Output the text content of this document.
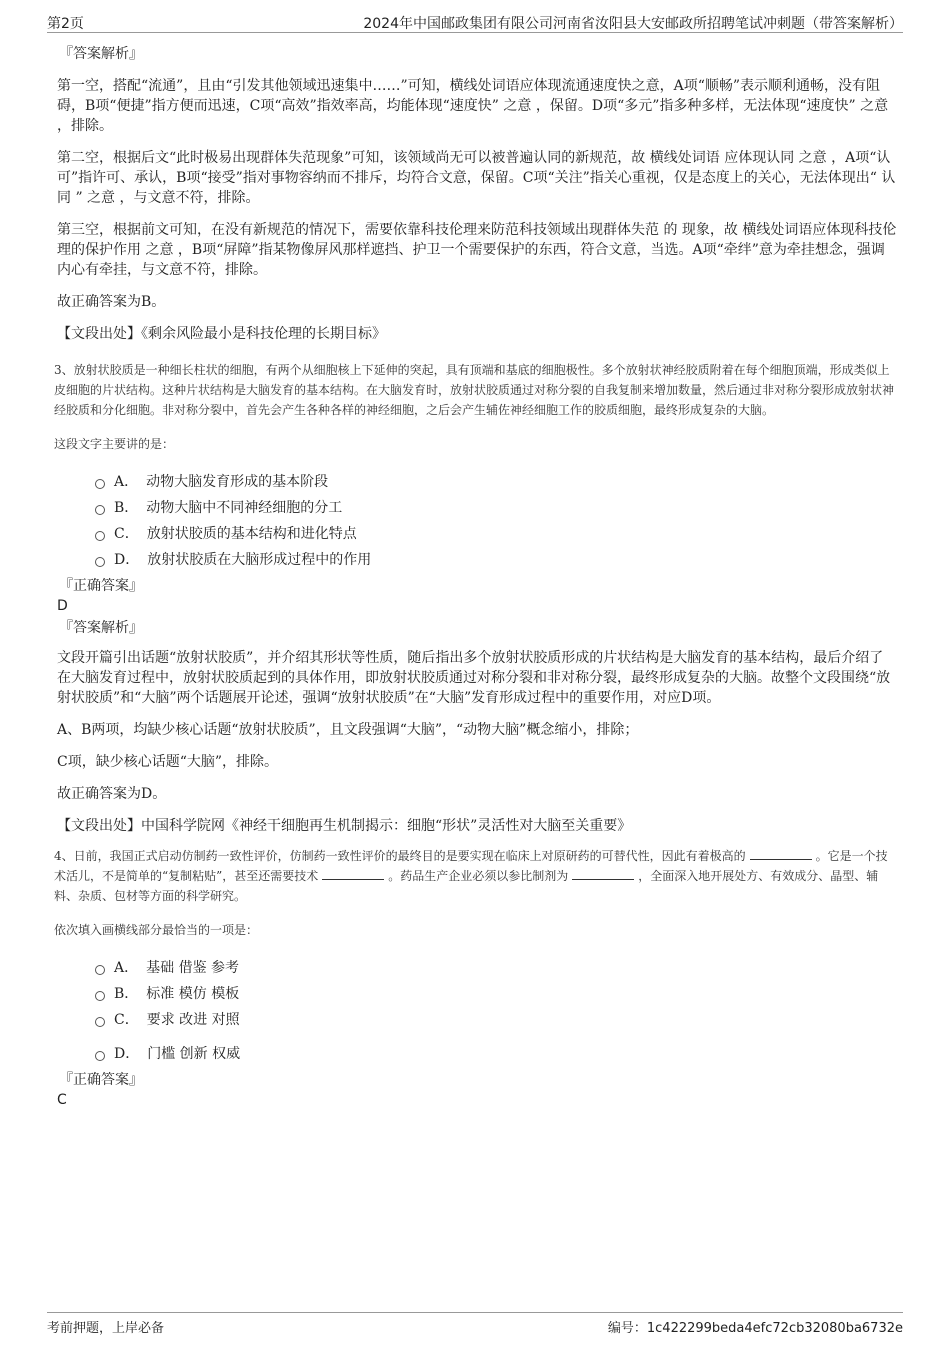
第2页	2024年中国邮政集团有限公司河南省汝阳县大安邮政所招聘笔试冲刺题（带答案解析）
『答案解析』

第一空，搭配“流通”，且由“引发其他领域迅速集中……”可知，横线处词语应体现流通速度快之意，A项“顺畅”表示顺利通畅，没有阻碍，B项“便捷”指方便而迅速，C项“高效”指效率高，均能体现“速度快” 之意 ，保留。D项“多元”指多种多样，无法体现“速度快” 之意 ，排除。

第二空，根据后文“此时极易出现群体失范现象”可知，该领域尚无可以被普遍认同的新规范，故 横线处词语 应体现认同 之意 ，A项“认可”指许可、承认，B项“接受”指对事物容纳而不排斥，均符合文意，保留。C项“关注”指关心重视，仅是态度上的关心，无法体现出“ 认同 ” 之意 ，与文意不符，排除。

第三空，根据前文可知，在没有新规范的情况下，需要依靠科技伦理来防范科技领域出现群体失范 的 现象，故 横线处词语应体现科技伦理的保护作用 之意 ，B项“屏障”指某物像屏风那样遮挡、护卫一个需要保护的东西，符合文意，当选。A项“牵绊”意为牵挂想念，强调内心有牵挂，与文意不符，排除。

故正确答案为B。

【文段出处】《剩余风险最小是科技伦理的长期目标》

3、放射状胶质是一种细长柱状的细胞，有两个从细胞核上下延伸的突起，具有顶端和基底的细胞极性。多个放射状神经胶质附着在每个细胞顶端，形成类似上皮细胞的片状结构。这种片状结构是大脑发育的基本结构。在大脑发育时，放射状胶质通过对称分裂的自我复制来增加数量，然后通过非对称分裂形成放射状神经胶质和分化细胞。非对称分裂中，首先会产生各种各样的神经细胞，之后会产生辅佐神经细胞工作的胶质细胞，最终形成复杂的大脑。

这段文字主要讲的是：

A． 动物大脑发育形成的基本阶段
B． 动物大脑中不同神经细胞的分工
C． 放射状胶质的基本结构和进化特点
D． 放射状胶质在大脑形成过程中的作用
『正确答案』
D
『答案解析』

文段开篇引出话题“放射状胶质”，并介绍其形状等性质，随后指出多个放射状胶质形成的片状结构是大脑发育的基本结构，最后介绍了在大脑发育过程中，放射状胶质起到的具体作用，即放射状胶质通过对称分裂和非对称分裂，最终形成复杂的大脑。故整个文段围绕“放射状胶质”和“大脑”两个话题展开论述，强调“放射状胶质”在“大脑”发育形成过程中的重要作用，对应D项。

A、B两项，均缺少核心话题“放射状胶质”，且文段强调“大脑”，“动物大脑”概念缩小，排除；

C项，缺少核心话题“大脑”，排除。

故正确答案为D。

【文段出处】中国科学院网《神经干细胞再生机制揭示：细胞“形状”灵活性对大脑至关重要》

4、日前，我国正式启动仿制药一致性评价，仿制药一致性评价的最终目的是要实现在临床上对原研药的可替代性，因此有着极高的	。它是一个技术活儿，不是简单的“复制粘贴”，甚至还需要技术	。药品生产企业必须以参比制剂为	，全面深入地开展处方、有效成分、晶型、辅料、杂质、包材等方面的科学研究。

依次填入画横线部分最恰当的一项是：

A． 基础 借鉴 参考
B． 标准 模仿 模板
C． 要求 改进 对照
D． 门槛 创新 权威
『正确答案』
C
考前押题，上岸必备	编号：1c422299beda4efc72cb32080ba6732e
